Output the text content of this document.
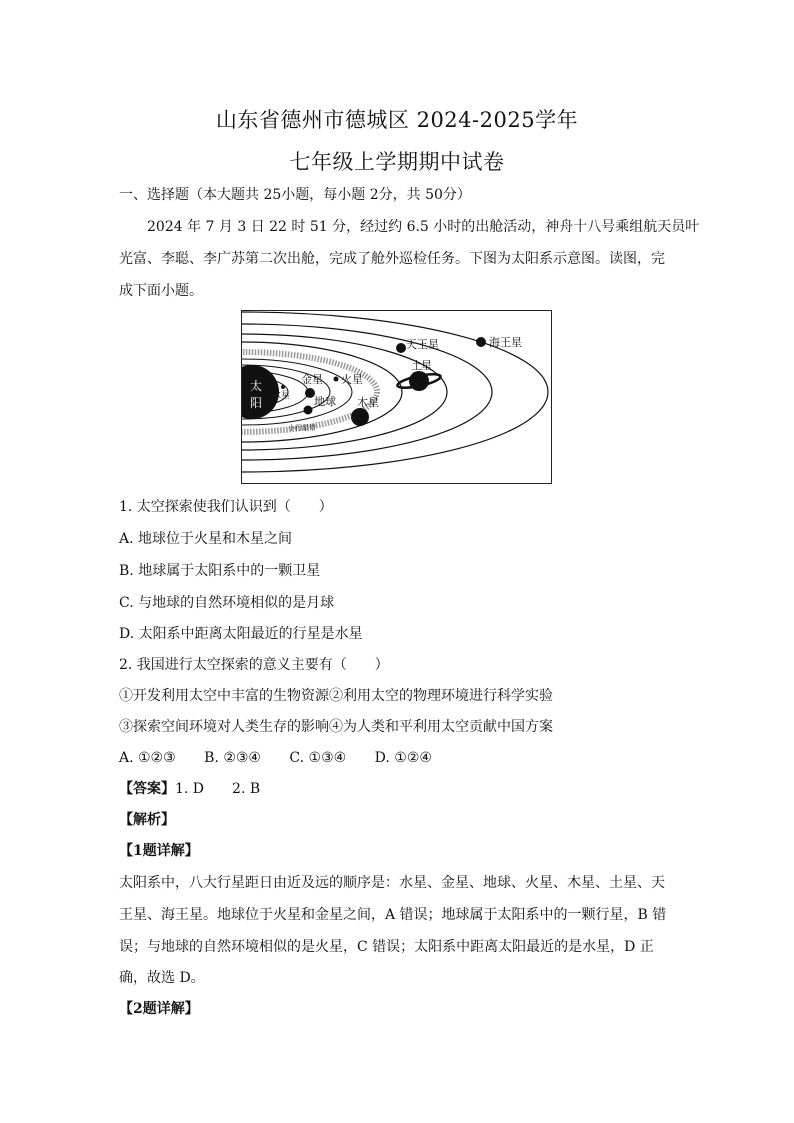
山东省德州市德城区 2024-2025学年
七年级上学期期中试卷
一、选择题（本大题共 25小题，每小题 2分，共 50分）
2024 年 7 月 3 日 22 时 51 分，经过约 6.5 小时的出舱活动，神舟十八号乘组航天员叶
光富、李聪、李广苏第二次出舱，完成了舱外巡检任务。下图为太阳系示意图。读图，完
成下面小题。
太
阳 水星
金星
地球
火星
小行星带
木星
土 星
天王星	海王星
1. 太空探索使我们认识到（　　）
A. 地球位于火星和木星之间
B. 地球属于太阳系中的一颗卫星
C. 与地球的自然环境相似的是月球
D. 太阳系中距离太阳最近的行星是水星
2. 我国进行太空探索的意义主要有（　　）
①开发利用太空中丰富的生物资源②利用太空的物理环境进行科学实验
③探索空间环境对人类生存的影响④为人类和平利用太空贡献中国方案
A. ①②③ B. ②③④ C. ①③④ D. ①②④
【答案】1. D　　2. B
【解析】
【1题详解】
太阳系中，八大行星距日由近及远的顺序是：水星、金星、地球、火星、木星、土星、天
王星、海王星。地球位于火星和金星之间，A 错误；地球属于太阳系中的一颗行星，B 错
误；与地球的自然环境相似的是火星，C 错误；太阳系中距离太阳最近的是水星，D 正
确，故选 D。
【2题详解】
